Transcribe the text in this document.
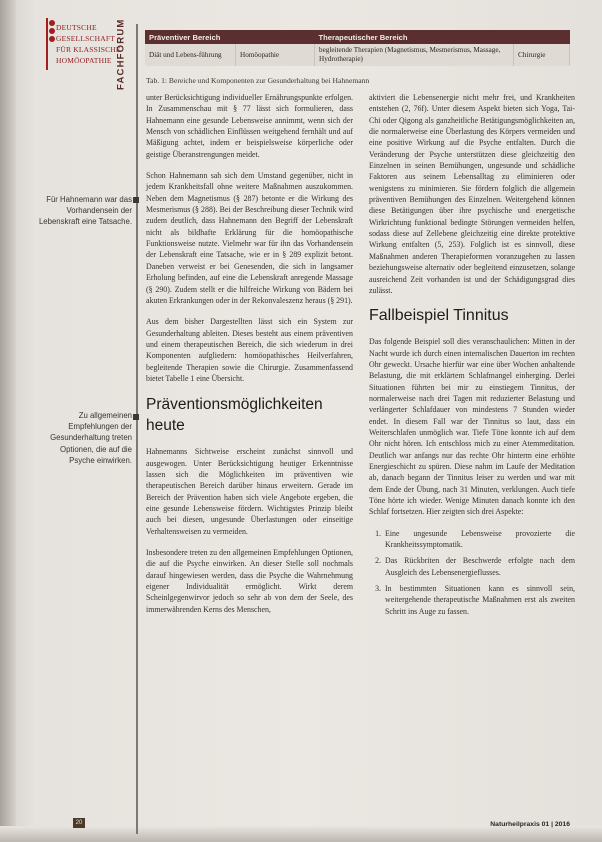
DEUTSCHE
GESELLSCHAFT
FÜR KLASSISCHE
HOMÖOPATHIE FACHFORUM	Präventiver Bereich		Therapeutischer Bereich	
Diät und Lebens-führung	Homöopathie	begleitende Therapien (Magnetismus, Mesmerismus, Massage, Hydrotherapie)	Chirurgie
Tab. 1: Bereiche und Komponenten zur Gesunderhaltung bei Hahnemann
Für Hahnemann war das Vorhandensein der Lebenskraft eine Tatsache.
Zu allgemeinen Empfehlungen der Gesunderhaltung treten Optionen, die auf die Psyche einwirken.

unter Berücksichtigung individueller Ernährungspunkte erfolgen. In Zusammenschau mit § 77 lässt sich formulieren, dass Hahnemann eine gesunde Lebensweise annimmt, wenn sich der Mensch von schädlichen Einflüssen weitgehend fernhält und auf Mäßigung achtet, indem er beispielsweise körperliche oder geistige Überanstrengungen meidet.

Schon Hahnemann sah sich dem Umstand gegenüber, nicht in jedem Krankheitsfall ohne weitere Maßnahmen auszukommen. Neben dem Magnetismus (§ 287) betonte er die Wirkung des Mesmerismus (§ 288). Bei der Beschreibung dieser Technik wird zudem deutlich, dass Hahnemann den Begriff der Lebenskraft nicht als bildhafte Erklärung für die homöopathische Funktionsweise nutzte. Vielmehr war für ihn das Vorhandensein der Lebenskraft eine Tatsache, wie er in § 289 explizit betont. Daneben verweist er bei Genesenden, die sich in langsamer Erholung befinden, auf eine die Lebenskraft anregende Massage (§ 290). Zudem stellt er die hilfreiche Wirkung von Bädern bei akuten Erkrankungen oder in der Rekonvaleszenz heraus (§ 291).

Aus dem bisher Dargestellten lässt sich ein System zur Gesunderhaltung ableiten. Dieses besteht aus einem präventiven und einem therapeutischen Bereich, die sich wiederum in drei Komponenten aufgliedern: homöopathisches Heilverfahren, begleitende Therapien sowie die Chirurgie. Zusammenfassend bietet Tabelle 1 eine Übersicht.

Präventionsmöglichkeiten heute

Hahnemanns Sichtweise erscheint zunächst sinnvoll und ausgewogen. Unter Berücksichtigung heutiger Erkenntnisse lassen sich die Möglichkeiten im präventiven wie therapeutischen Bereich darüber hinaus erweitern. Gerade im Bereich der Prävention haben sich viele Angebote ergeben, die eine gesunde Lebensweise fördern. Wichtigstes Prinzip bleibt auch bei diesen, ungesunde Überlastungen oder einseitige Verhaltensweisen zu vermeiden.

Insbesondere treten zu den allgemeinen Empfehlungen Optionen, die auf die Psyche einwirken. An dieser Stelle soll nochmals darauf hingewiesen werden, dass die Psyche die Wahrnehmung eigener Individualität ermöglicht. Wirkt derem Scheinlgegenwirvor jedoch so sehr ab von dem der Seele, des immerwährenden Kerns des Menschen,

aktiviert die Lebensenergie nicht mehr frei, und Krankheiten entstehen (2, 76f). Unter diesem Aspekt bieten sich Yoga, Tai-Chi oder Qigong als ganzheitliche Betätigungsmöglichkeiten an, die normalerweise eine Überlastung des Körpers vermeiden und eine positive Wirkung auf die Psyche entfalten. Durch die Veränderung der Psyche unterstützen diese gleichzeitig den Einzelnen in seinen Bemühungen, ungesunde und schädliche Faktoren aus seinem Lebensalltag zu eliminieren oder wenigstens zu minimieren. Sie fördern folglich die allgemein präventiven Bemühungen des Einzelnen. Weitergehend können diese Betätigungen über ihre psychische und energetische Wirkrichtung funktional bedingte Störungen vermeiden helfen, sodass diese auf Zellebene gleichzeitig eine direkte protektive Wirkung entfalten (5, 253). Folglich ist es sinnvoll, diese Maßnahmen anderen Therapieformen voranzugehen zu lassen beziehungsweise alternativ oder begleitend einzusetzen, solange ausreichend Zeit vorhanden ist und der Schädigungsgrad dies zulässt.

Fallbeispiel Tinnitus

Das folgende Beispiel soll dies veranschaulichen: Mitten in der Nacht wurde ich durch einen internalischen Dauerton im rechten Ohr geweckt. Ursache hierfür war eine über Wochen anhaltende Belastung, die mit erklärtem Schlafmangel einherging. Derlei Situationen führten bei mir zu einstiegem Tinnitus, der normalerweise nach drei Tagen mit reduzierter Belastung und verlängerter Schlafdauer von mindestens 7 Stunden wieder endet. In diesem Fall war der Tinnitus so laut, dass ein Weiterschlafen unmöglich war. Tiefe Töne konnte ich auf dem Ohr nicht hören. Ich entschloss mich zu einer Atemmeditation. Deutlich war anfangs nur das rechte Ohr hinterm eine erhöhte Energieschicht zu spüren. Diese nahm im Laufe der Meditation ab, danach begann der Tinnitus leiser zu werden und war mit dem Ende der Übung, nach 31 Minuten, verklungen. Auch tiefe Töne hörte ich wieder. Wenige Minuten danach konnte ich den Schlaf fortsetzen. Hier zeigten sich drei Aspekte:

1. Eine ungesunde Lebensweise provozierte die Krankheitssymptomatik.
2. Das Rückbriten der Beschwerde erfolgte nach dem Ausgleich des Lebensenergieflusses.
3. In bestimmten Situationen kann es sinnvoll sein, weitergehende therapeutische Maßnahmen erst als zweiten Schritt ins Auge zu fassen.
20	Naturheilpraxis 01 | 2016
